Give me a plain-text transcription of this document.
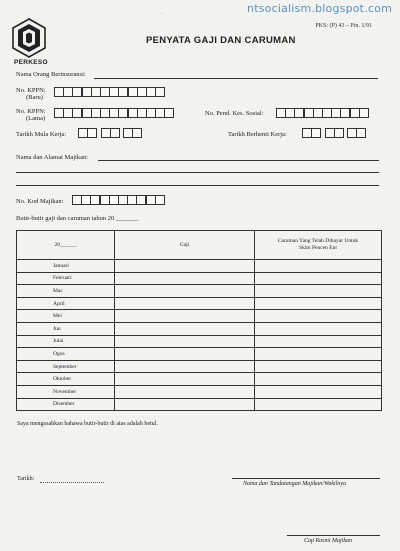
ntsocialism.blogspot.com
...
PKS: (P) 43 – Pin. 1/91
PERKESO
PENYATA GAJI DAN CARUMAN
Nama Orang Berinsuransi:
No. KPPN:
(Baru)
No. KPPN:
(Lama)
No. Pend. Kes. Sosial:
Tarikh Mula Kerja:	Tarikh Berhenti Kerja:
Nama dan Alamat Majikan:
No. Kod Majikan:
Butir-butir gaji dan caruman tahun 20 _______
20______	Gaji	Caruman Yang Telah Dibayar Untuk Skim Pencen Ent
Januari		
Februari		
Mac		
April		
Mei		
Jun		
Julai		
Ogos		
September		
Oktober		
November		
Disember		
Saya mengesahkan bahawa butir-butir di atas adalah betul.
Tarikh:
Nama dan Tandatangan Majikan/Wakilnya
Cap Rasmi Majikan
